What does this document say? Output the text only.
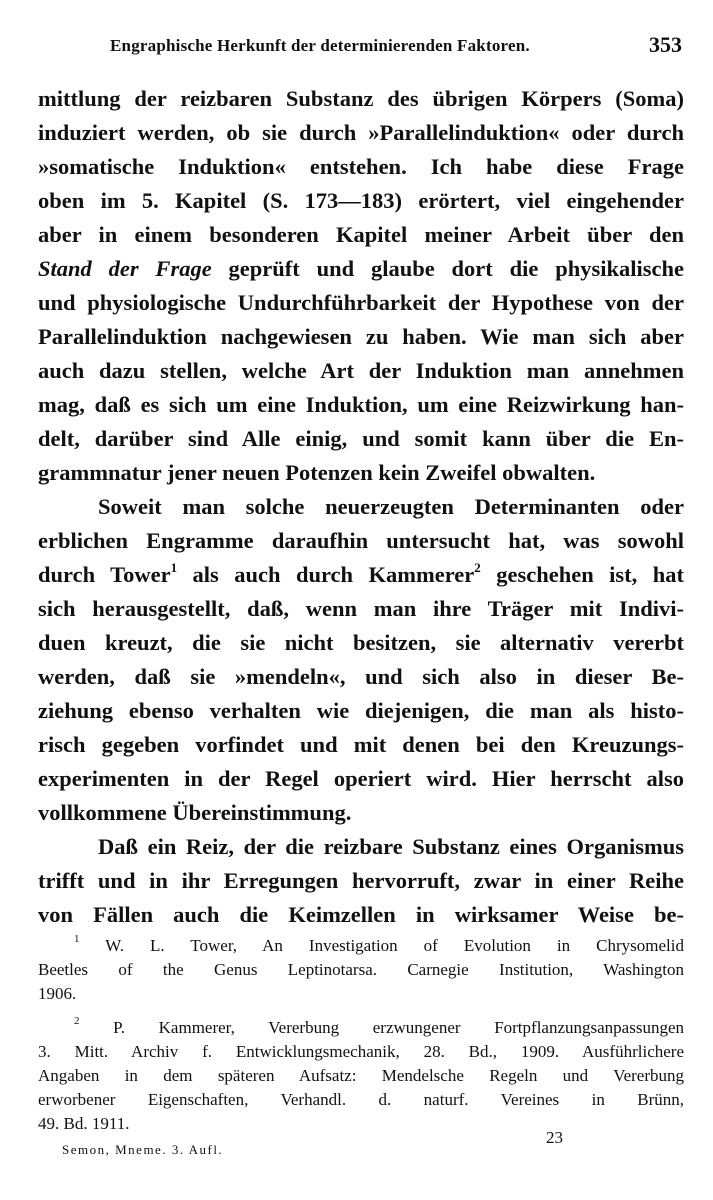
Engraphische Herkunft der determinierenden Faktoren.	353
mittlung der reizbaren Substanz des übrigen Körpers (Soma)
induziert werden, ob sie durch »Parallelinduktion« oder durch
»somatische Induktion« entstehen. Ich habe diese Frage
oben im 5. Kapitel (S. 173—183) erörtert, viel eingehender
aber in einem besonderen Kapitel meiner Arbeit über den
Stand der Frage geprüft und glaube dort die physikalische
und physiologische Undurchführbarkeit der Hypothese von der
Parallelinduktion nachgewiesen zu haben. Wie man sich aber
auch dazu stellen, welche Art der Induktion man annehmen
mag, daß es sich um eine Induktion, um eine Reizwirkung han-
delt, darüber sind Alle einig, und somit kann über die En-
grammnatur jener neuen Potenzen kein Zweifel obwalten.
Soweit man solche neuerzeugten Determinanten oder
erblichen Engramme daraufhin untersucht hat, was sowohl
durch Tower$^1$ als auch durch Kammerer$^2$ geschehen ist, hat
sich herausgestellt, daß, wenn man ihre Träger mit Indivi-
duen kreuzt, die sie nicht besitzen, sie alternativ vererbt
werden, daß sie »mendeln«, und sich also in dieser Be-
ziehung ebenso verhalten wie diejenigen, die man als histo-
risch gegeben vorfindet und mit denen bei den Kreuzungs-
experimenten in der Regel operiert wird. Hier herrscht also
vollkommene Übereinstimmung.
Daß ein Reiz, der die reizbare Substanz eines Organismus
trifft und in ihr Erregungen hervorruft, zwar in einer Reihe
von Fällen auch die Keimzellen in wirksamer Weise be-
$^1$ W. L. Tower, An Investigation of Evolution in Chrysomelid
Beetles of the Genus Leptinotarsa. Carnegie Institution, Washington
1906.
$^2$ P. Kammerer, Vererbung erzwungener Fortpflanzungsanpassungen
3. Mitt. Archiv f. Entwicklungsmechanik, 28. Bd., 1909. Ausführlichere
Angaben in dem späteren Aufsatz: Mendelsche Regeln und Vererbung
erworbener Eigenschaften, Verhandl. d. naturf. Vereines in Brünn,
49. Bd. 1911.
Semon, Mneme. 3. Aufl.
23
